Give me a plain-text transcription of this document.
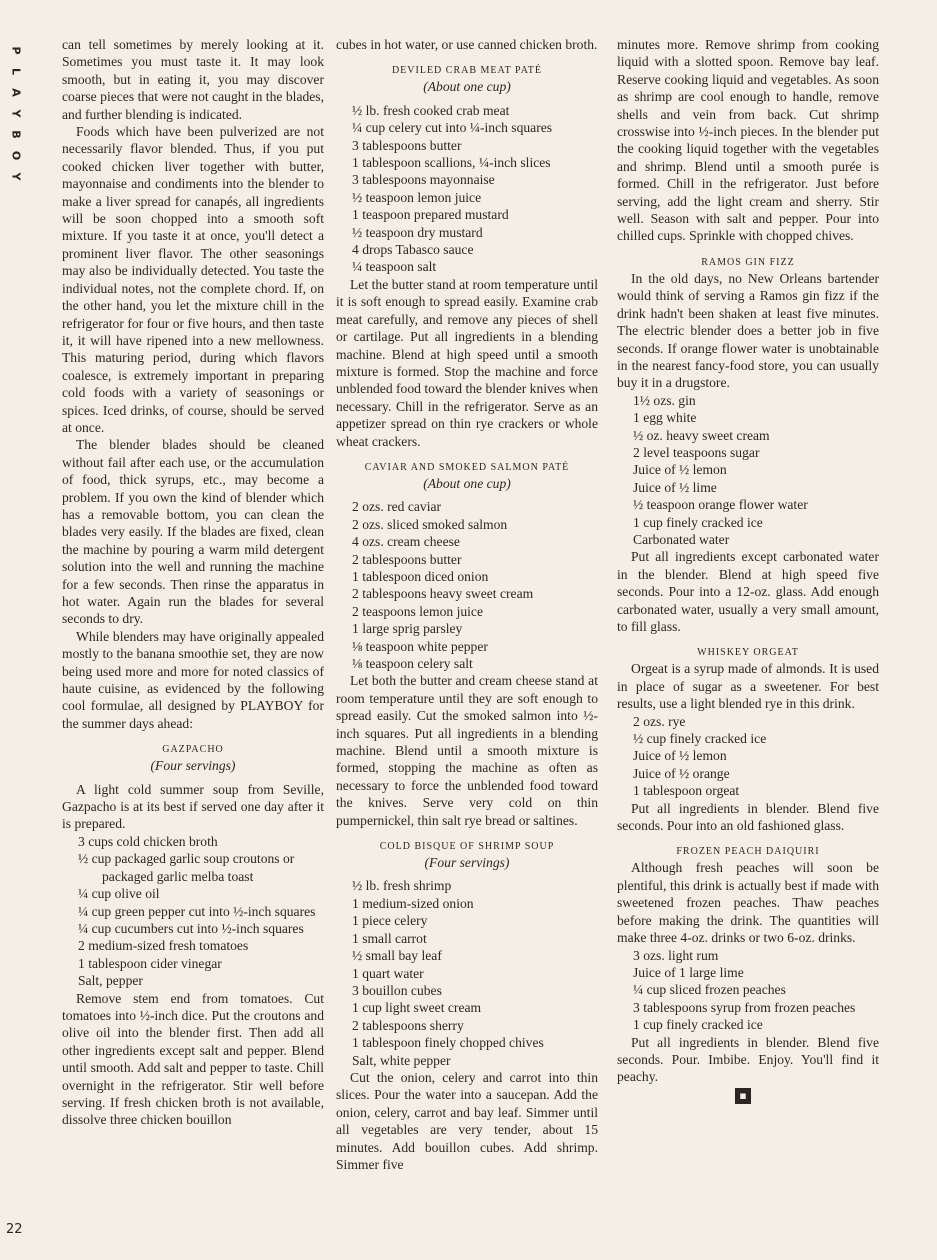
P
L
A
Y
B
O
Y
22

can tell sometimes by merely looking at it. Sometimes you must taste it. It may look smooth, but in eating it, you may discover coarse pieces that were not caught in the blades, and further blending is indicated.

Foods which have been pulverized are not necessarily flavor blended. Thus, if you put cooked chicken liver together with butter, mayonnaise and condiments into the blender to make a liver spread for canapés, all ingredients will be soon chopped into a smooth soft mixture. If you taste it at once, you'll detect a prominent liver flavor. The other seasonings may also be individually detected. You taste the individual notes, not the complete chord. If, on the other hand, you let the mixture chill in the refrigerator for four or five hours, and then taste it, it will have ripened into a new mellowness. This maturing period, during which flavors coalesce, is extremely important in preparing cold foods with a variety of seasonings or spices. Iced drinks, of course, should be served at once.

The blender blades should be cleaned without fail after each use, or the accumulation of food, thick syrups, etc., may become a problem. If you own the kind of blender which has a removable bottom, you can clean the blades very easily. If the blades are fixed, clean the machine by pouring a warm mild detergent solution into the well and running the machine for a few seconds. Then rinse the apparatus in hot water. Again run the blades for several seconds to dry.

While blenders may have originally appealed mostly to the banana smoothie set, they are now being used more and more for noted classics of haute cuisine, as evidenced by the following cool formulae, all designed by PLAYBOY for the summer days ahead:

GAZPACHO
(Four servings)

A light cold summer soup from Seville, Gazpacho is at its best if served one day after it is prepared.

3 cups cold chicken broth
½ cup packaged garlic soup croutons or packaged garlic melba toast
¼ cup olive oil
¼ cup green pepper cut into ½-inch squares
¼ cup cucumbers cut into ½-inch squares
2 medium-sized fresh tomatoes
1 tablespoon cider vinegar
Salt, pepper

Remove stem end from tomatoes. Cut tomatoes into ½-inch dice. Put the croutons and olive oil into the blender first. Then add all other ingredients except salt and pepper. Blend until smooth. Add salt and pepper to taste. Chill overnight in the refrigerator. Stir well before serving. If fresh chicken broth is not available, dissolve three chicken bouillon

cubes in hot water, or use canned chicken broth.

DEVILED CRAB MEAT PATÉ
(About one cup)
½ lb. fresh cooked crab meat
¼ cup celery cut into ¼-inch squares
3 tablespoons butter
1 tablespoon scallions, ¼-inch slices
3 tablespoons mayonnaise
½ teaspoon lemon juice
1 teaspoon prepared mustard
½ teaspoon dry mustard
4 drops Tabasco sauce
¼ teaspoon salt

Let the butter stand at room temperature until it is soft enough to spread easily. Examine crab meat carefully, and remove any pieces of shell or cartilage. Put all ingredients in a blending machine. Blend at high speed until a smooth mixture is formed. Stop the machine and force unblended food toward the blender knives when necessary. Chill in the refrigerator. Serve as an appetizer spread on thin rye crackers or whole wheat crackers.

CAVIAR AND SMOKED SALMON PATÉ
(About one cup)
2 ozs. red caviar
2 ozs. sliced smoked salmon
4 ozs. cream cheese
2 tablespoons butter
1 tablespoon diced onion
2 tablespoons heavy sweet cream
2 teaspoons lemon juice
1 large sprig parsley
⅛ teaspoon white pepper
⅛ teaspoon celery salt

Let both the butter and cream cheese stand at room temperature until they are soft enough to spread easily. Cut the smoked salmon into ½-inch squares. Put all ingredients in a blending machine. Blend until a smooth mixture is formed, stopping the machine as often as necessary to force the unblended food toward the knives. Serve very cold on thin pumpernickel, thin salt rye bread or saltines.

COLD BISQUE OF SHRIMP SOUP
(Four servings)
½ lb. fresh shrimp
1 medium-sized onion
1 piece celery
1 small carrot
½ small bay leaf
1 quart water
3 bouillon cubes
1 cup light sweet cream
2 tablespoons sherry
1 tablespoon finely chopped chives
Salt, white pepper

Cut the onion, celery and carrot into thin slices. Pour the water into a saucepan. Add the onion, celery, carrot and bay leaf. Simmer until all vegetables are very tender, about 15 minutes. Add bouillon cubes. Add shrimp. Simmer five

minutes more. Remove shrimp from cooking liquid with a slotted spoon. Remove bay leaf. Reserve cooking liquid and vegetables. As soon as shrimp are cool enough to handle, remove shells and vein from back. Cut shrimp crosswise into ½-inch pieces. In the blender put the cooking liquid together with the vegetables and shrimp. Blend until a smooth purée is formed. Chill in the refrigerator. Just before serving, add the light cream and sherry. Stir well. Season with salt and pepper. Pour into chilled cups. Sprinkle with chopped chives.

RAMOS GIN FIZZ

In the old days, no New Orleans bartender would think of serving a Ramos gin fizz if the drink hadn't been shaken at least five minutes. The electric blender does a better job in five seconds. If orange flower water is unobtainable in the nearest fancy-food store, you can usually buy it in a drugstore.

1½ ozs. gin
1 egg white
½ oz. heavy sweet cream
2 level teaspoons sugar
Juice of ½ lemon
Juice of ½ lime
½ teaspoon orange flower water
1 cup finely cracked ice
Carbonated water

Put all ingredients except carbonated water in the blender. Blend at high speed five seconds. Pour into a 12-oz. glass. Add enough carbonated water, usually a very small amount, to fill glass.

WHISKEY ORGEAT

Orgeat is a syrup made of almonds. It is used in place of sugar as a sweetener. For best results, use a light blended rye in this drink.

2 ozs. rye
½ cup finely cracked ice
Juice of ½ lemon
Juice of ½ orange
1 tablespoon orgeat

Put all ingredients in blender. Blend five seconds. Pour into an old fashioned glass.

FROZEN PEACH DAIQUIRI

Although fresh peaches will soon be plentiful, this drink is actually best if made with sweetened frozen peaches. Thaw peaches before making the drink. The quantities will make three 4-oz. drinks or two 6-oz. drinks.

3 ozs. light rum
Juice of 1 large lime
¼ cup sliced frozen peaches
3 tablespoons syrup from frozen peaches
1 cup finely cracked ice

Put all ingredients in blender. Blend five seconds. Pour. Imbibe. Enjoy. You'll find it peachy.

▪
